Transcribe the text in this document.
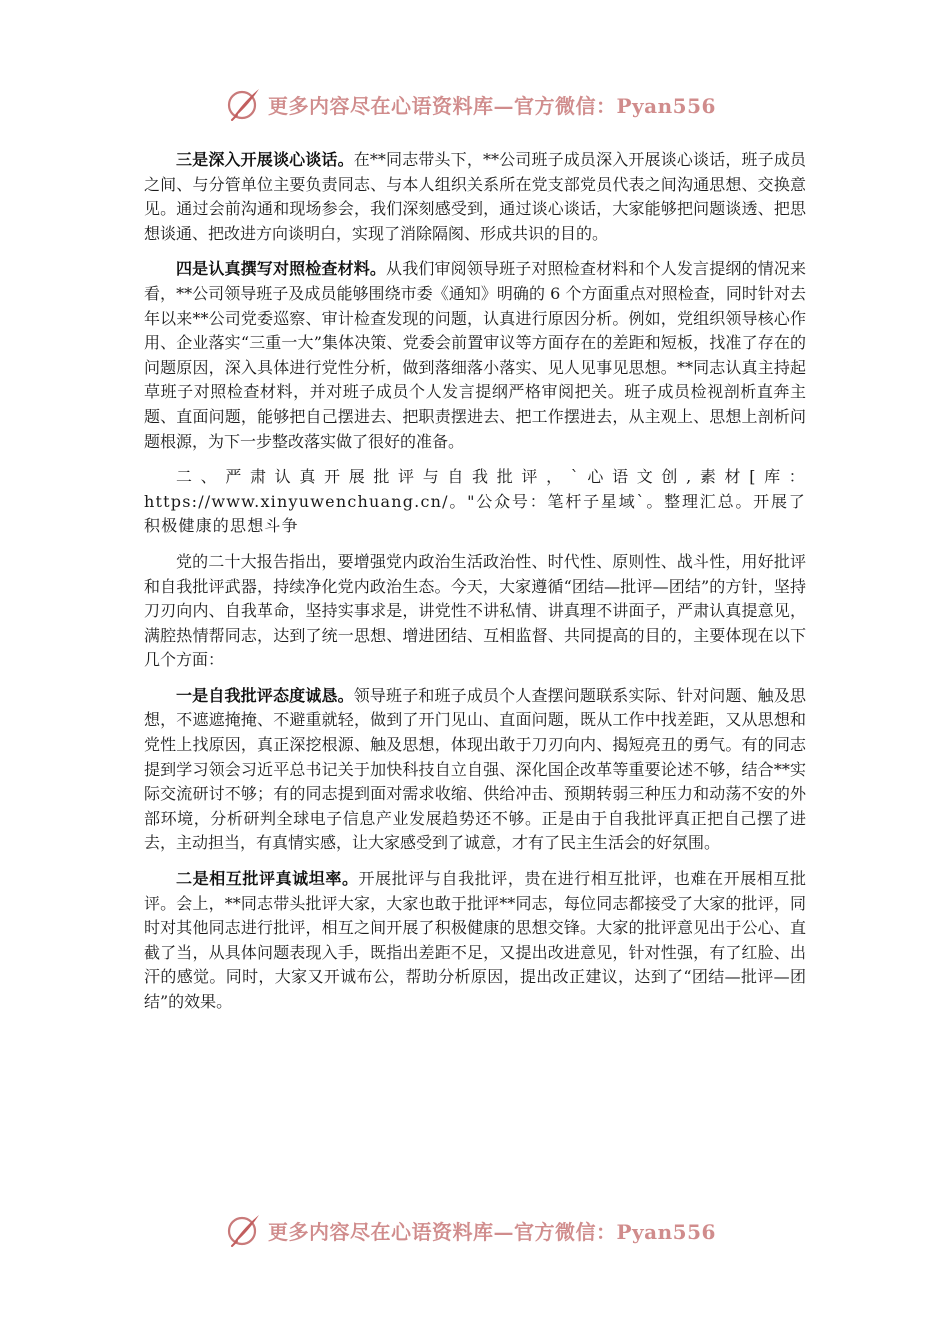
更多内容尽在心语资料库—官方微信：Pyan556

三是深入开展谈心谈话。在**同志带头下，**公司班子成员深入开展谈心谈话，班子成员之间、与分管单位主要负责同志、与本人组织关系所在党支部党员代表之间沟通思想、交换意见。通过会前沟通和现场参会，我们深刻感受到，通过谈心谈话，大家能够把问题谈透、把思想谈通、把改进方向谈明白，实现了消除隔阂、形成共识的目的。

四是认真撰写对照检查材料。从我们审阅领导班子对照检查材料和个人发言提纲的情况来看，**公司领导班子及成员能够围绕市委《通知》明确的 6 个方面重点对照检查，同时针对去年以来**公司党委巡察、审计检查发现的问题，认真进行原因分析。例如，党组织领导核心作用、企业落实“三重一大”集体决策、党委会前置审议等方面存在的差距和短板，找准了存在的问题原因，深入具体进行党性分析，做到落细落小落实、见人见事见思想。**同志认真主持起草班子对照检查材料，并对班子成员个人发言提纲严格审阅把关。班子成员检视剖析直奔主题、直面问题，能够把自己摆进去、把职责摆进去、把工作摆进去，从主观上、思想上剖析问题根源，为下一步整改落实做了很好的准备。

二、严肃认真开展批评与自我批评，`心语文创,素材[库：https://www.xinyuwenchuang.cn/。"公众号：笔杆子星域`。整理汇总。开展了积极健康的思想斗争

党的二十大报告指出，要增强党内政治生活政治性、时代性、原则性、战斗性，用好批评和自我批评武器，持续净化党内政治生态。今天，大家遵循“团结—批评—团结”的方针，坚持刀刃向内、自我革命，坚持实事求是，讲党性不讲私情、讲真理不讲面子，严肃认真提意见，满腔热情帮同志，达到了统一思想、增进团结、互相监督、共同提高的目的，主要体现在以下几个方面：

一是自我批评态度诚恳。领导班子和班子成员个人查摆问题联系实际、针对问题、触及思想，不遮遮掩掩、不避重就轻，做到了开门见山、直面问题，既从工作中找差距，又从思想和党性上找原因，真正深挖根源、触及思想，体现出敢于刀刃向内、揭短亮丑的勇气。有的同志提到学习领会习近平总书记关于加快科技自立自强、深化国企改革等重要论述不够，结合**实际交流研讨不够；有的同志提到面对需求收缩、供给冲击、预期转弱三种压力和动荡不安的外部环境，分析研判全球电子信息产业发展趋势还不够。正是由于自我批评真正把自己摆了进去，主动担当，有真情实感，让大家感受到了诚意，才有了民主生活会的好氛围。

二是相互批评真诚坦率。开展批评与自我批评，贵在进行相互批评，也难在开展相互批评。会上，**同志带头批评大家，大家也敢于批评**同志，每位同志都接受了大家的批评，同时对其他同志进行批评，相互之间开展了积极健康的思想交锋。大家的批评意见出于公心、直截了当，从具体问题表现入手，既指出差距不足，又提出改进意见，针对性强，有了红脸、出汗的感觉。同时，大家又开诚布公，帮助分析原因，提出改正建议，达到了“团结—批评—团结”的效果。

更多内容尽在心语资料库—官方微信：Pyan556
